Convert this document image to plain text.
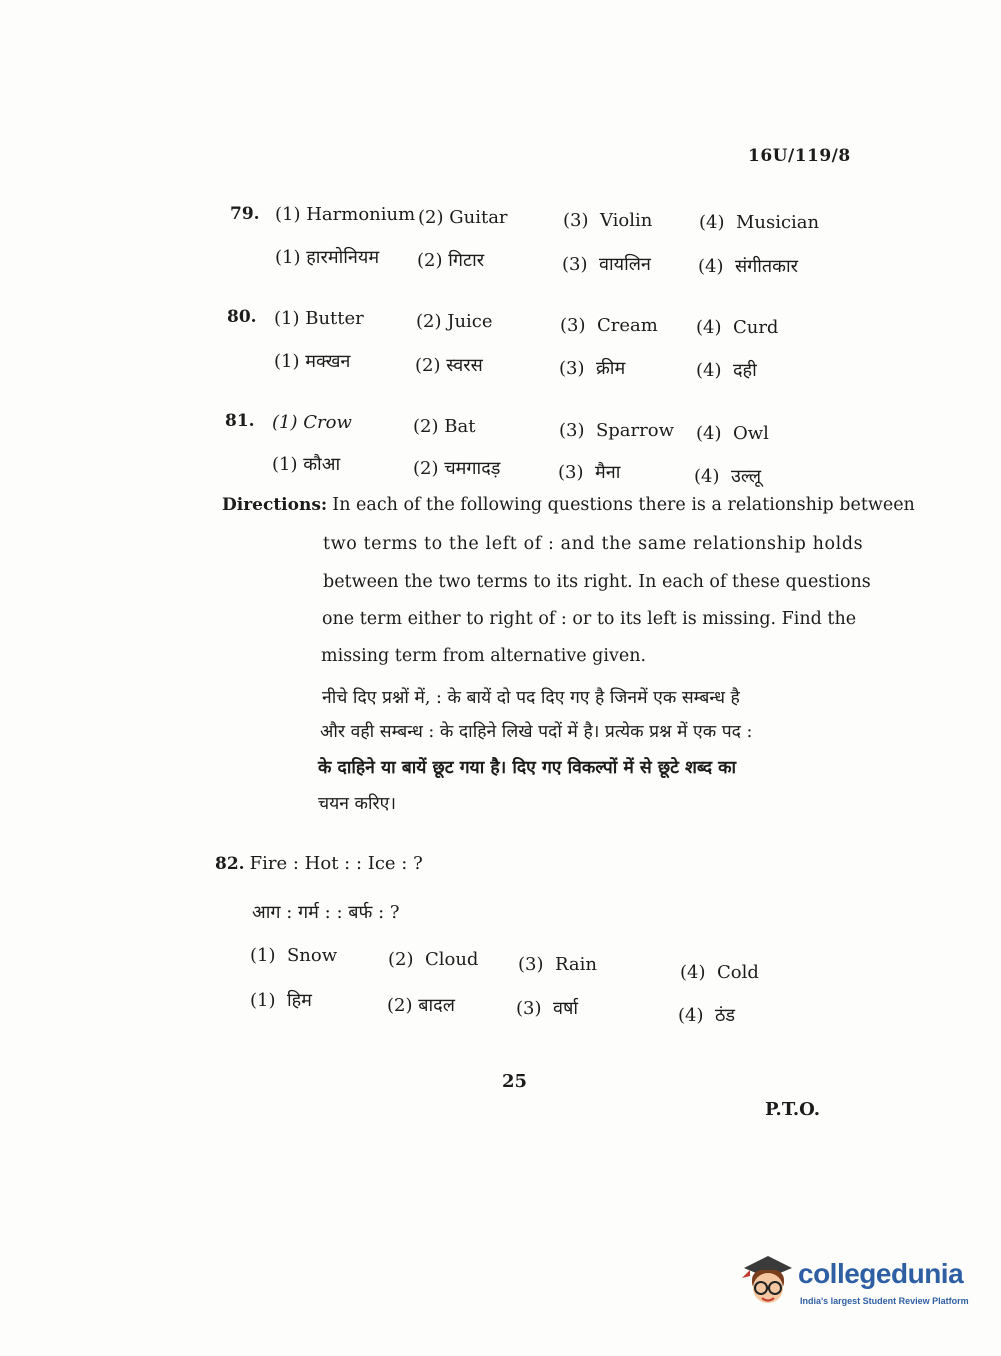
16U/119/8
79. (1) Harmonium (2) Guitar	(3) Violin	(4) Musician
(1) हारमोनियम (2) गिटार	(3) वायलिन	(4) संगीतकार
80. (1) Butter	(2) Juice	(3) Cream (4) Curd
(1) मक्खन	(2) स्वरस	(3) क्रीम	(4) दही
81. (1) Crow	(2) Bat	(3) Sparrow (4) Owl
(1) कौआ	(2) चमगादड़	(3) मैना	(4) उल्लू
Directions: In each of the following questions there is a relationship between
two terms to the left of : and the same relationship holds
between the two terms to its right. In each of these questions
one term either to right of : or to its left is missing. Find the
missing term from alternative given.
नीचे दिए प्रश्नों में, : के बायें दो पद दिए गए है जिनमें एक सम्बन्ध है
और वही सम्बन्ध : के दाहिने लिखे पदों में है। प्रत्येक प्रश्न में एक पद :
के दाहिने या बायें छूट गया है। दिए गए विकल्पों में से छूटे शब्द का
चयन करिए।
82. Fire : Hot : : Ice : ?
आग : गर्म : : बर्फ : ?
(1) Snow	(2) Cloud (3) Rain	(4) Cold
(1) हिम	(2) बादल	(3) वर्षा	(4) ठंड
25
P.T.O.
collegedunia
India's largest Student Review Platform
